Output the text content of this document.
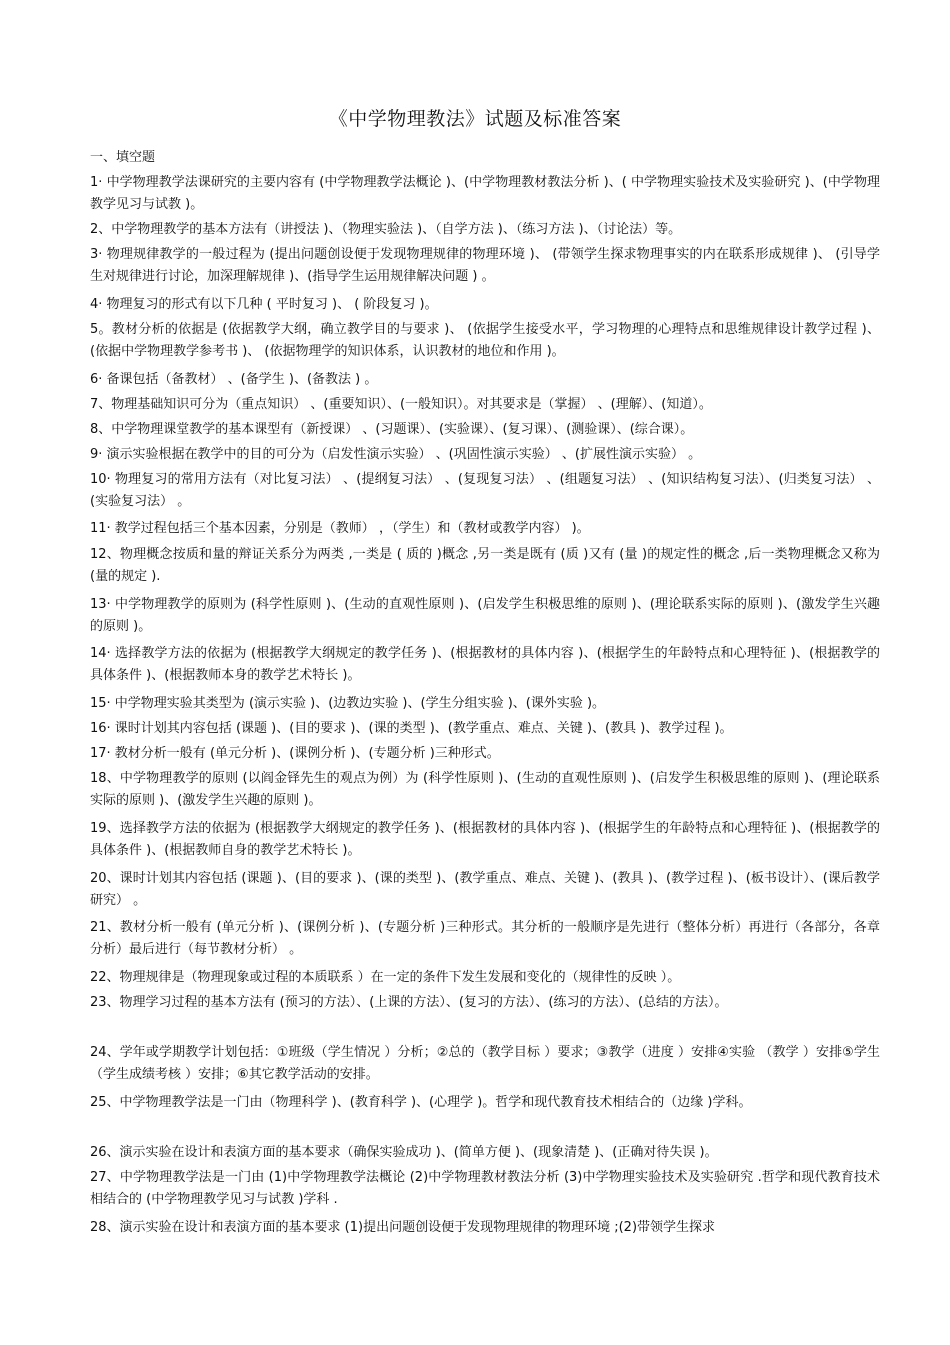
《中学物理教法》试题及标准答案
一、填空题
1· 中学物理教学法课研究的主要内容有 (中学物理教学法概论 )、(中学物理教材教法分析 )、( 中学物理实验技术及实验研究 )、(中学物理教学见习与试教 )。
2、中学物理教学的基本方法有（讲授法 )、（物理实验法 )、（自学方法 )、（练习方法 )、（讨论法）等。
3· 物理规律教学的一般过程为 (提出问题创设便于发现物理规律的物理环境 )、 (带领学生探求物理事实的内在联系形成规律 )、 (引导学生对规律进行讨论，加深理解规律 )、(指导学生运用规律解决问题 ) 。
4· 物理复习的形式有以下几种 ( 平时复习 )、 ( 阶段复习 )。
5。教材分析的依据是 (依据教学大纲，确立教学目的与要求 )、 (依据学生接受水平，学习物理的心理特点和思维规律设计教学过程 )、 (依据中学物理教学参考书 )、 (依据物理学的知识体系，认识教材的地位和作用 )。
6· 备课包括（备教材） 、(备学生 )、(备教法 ) 。
7、物理基础知识可分为（重点知识） 、(重要知识）、(一般知识）。对其要求是（掌握） 、(理解）、(知道）。
8、中学物理课堂教学的基本课型有（新授课） 、(习题课）、(实验课）、(复习课）、(测验课）、(综合课）。
9· 演示实验根据在教学中的目的可分为（启发性演示实验） 、(巩固性演示实验） 、(扩展性演示实验） 。
10· 物理复习的常用方法有（对比复习法） 、(提纲复习法） 、(复现复习法） 、(组题复习法） 、(知识结构复习法）、(归类复习法） 、(实验复习法） 。
11· 教学过程包括三个基本因素，分别是（教师） ，（学生）和（教材或教学内容） )。
12、物理概念按质和量的辩证关系分为两类 ,一类是 ( 质的 )概念 ,另一类是既有 (质 )又有 (量 )的规定性的概念 ,后一类物理概念又称为 (量的规定 ).
13· 中学物理教学的原则为 (科学性原则 )、(生动的直观性原则 )、(启发学生积极思维的原则 )、(理论联系实际的原则 )、(激发学生兴趣的原则 )。
14· 选择教学方法的依据为 (根据教学大纲规定的教学任务 )、(根据教材的具体内容 )、(根据学生的年龄特点和心理特征 )、(根据教学的具体条件 )、(根据教师本身的教学艺术特长 )。
15· 中学物理实验其类型为 (演示实验 )、(边教边实验 )、(学生分组实验 )、(课外实验 )。
16· 课时计划其内容包括 (课题 )、(目的要求 )、(课的类型 )、(教学重点、难点、关键 )、(教具 )、教学过程 )。
17· 教材分析一般有 (单元分析 )、(课例分析 )、(专题分析 )三种形式。
18、中学物理教学的原则 (以阎金铎先生的观点为例）为 (科学性原则 )、(生动的直观性原则 )、(启发学生积极思维的原则 )、(理论联系实际的原则 )、(激发学生兴趣的原则 )。
19、选择教学方法的依据为 (根据教学大纲规定的教学任务 )、(根据教材的具体内容 )、(根据学生的年龄特点和心理特征 )、(根据教学的具体条件 )、(根据教师自身的教学艺术特长 )。
20、课时计划其内容包括 (课题 )、(目的要求 )、(课的类型 )、(教学重点、难点、关键 )、(教具 )、(教学过程 )、(板书设计）、(课后教学研究） 。
21、教材分析一般有 (单元分析 )、(课例分析 )、(专题分析 )三种形式。其分析的一般顺序是先进行（整体分析）再进行（各部分，各章分析）最后进行（每节教材分析） 。
22、物理规律是（物理现象或过程的本质联系 ）在一定的条件下发生发展和变化的（规律性的反映 ）。
23、物理学习过程的基本方法有 (预习的方法）、(上课的方法）、(复习的方法）、(练习的方法）、(总结的方法）。
24、学年或学期教学计划包括：①班级（学生情况 ）分析；②总的（教学目标 ）要求；③教学（进度 ）安排④实验 （教学 ）安排⑤学生（学生成绩考核 ）安排；⑥其它教学活动的安排。
25、中学物理教学法是一门由（物理科学 )、(教育科学 )、(心理学 )。哲学和现代教育技术相结合的（边缘 )学科。
26、演示实验在设计和表演方面的基本要求（确保实验成功 )、(简单方便 )、(现象清楚 )、(正确对待失误 )。
27、中学物理教学法是一门由 (1)中学物理教学法概论 (2)中学物理教材教法分析 (3)中学物理实验技术及实验研究 .哲学和现代教育技术相结合的 (中学物理教学见习与试教 )学科 .
28、演示实验在设计和表演方面的基本要求 (1)提出问题创设便于发现物理规律的物理环境 ;(2)带领学生探求
